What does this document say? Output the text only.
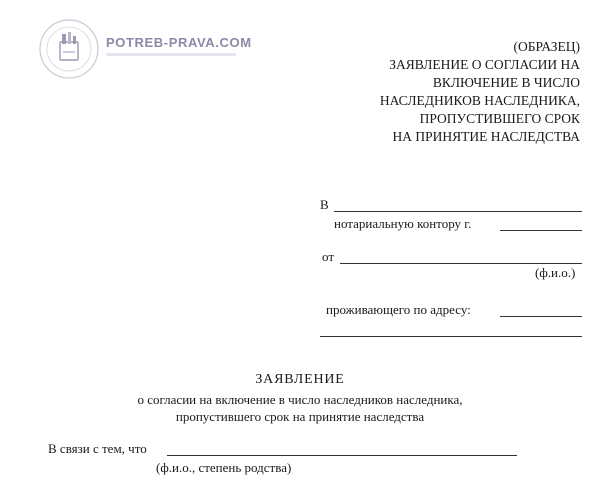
POTREB-PRAVA.COM	(ОБРАЗЕЦ)
ЗАЯВЛЕНИЕ О СОГЛАСИИ НА
ВКЛЮЧЕНИЕ В ЧИСЛО
НАСЛЕДНИКОВ НАСЛЕДНИКА,
ПРОПУСТИВШЕГО СРОК
НА ПРИНЯТИЕ НАСЛЕДСТВА
В
нотариальную контору г.
от
(ф.и.о.)
проживающего по адресу:
ЗАЯВЛЕНИЕ
о согласии на включение в число наследников наследника,
пропустившего срок на принятие наследства
В связи с тем, что
(ф.и.о., степень родства)
